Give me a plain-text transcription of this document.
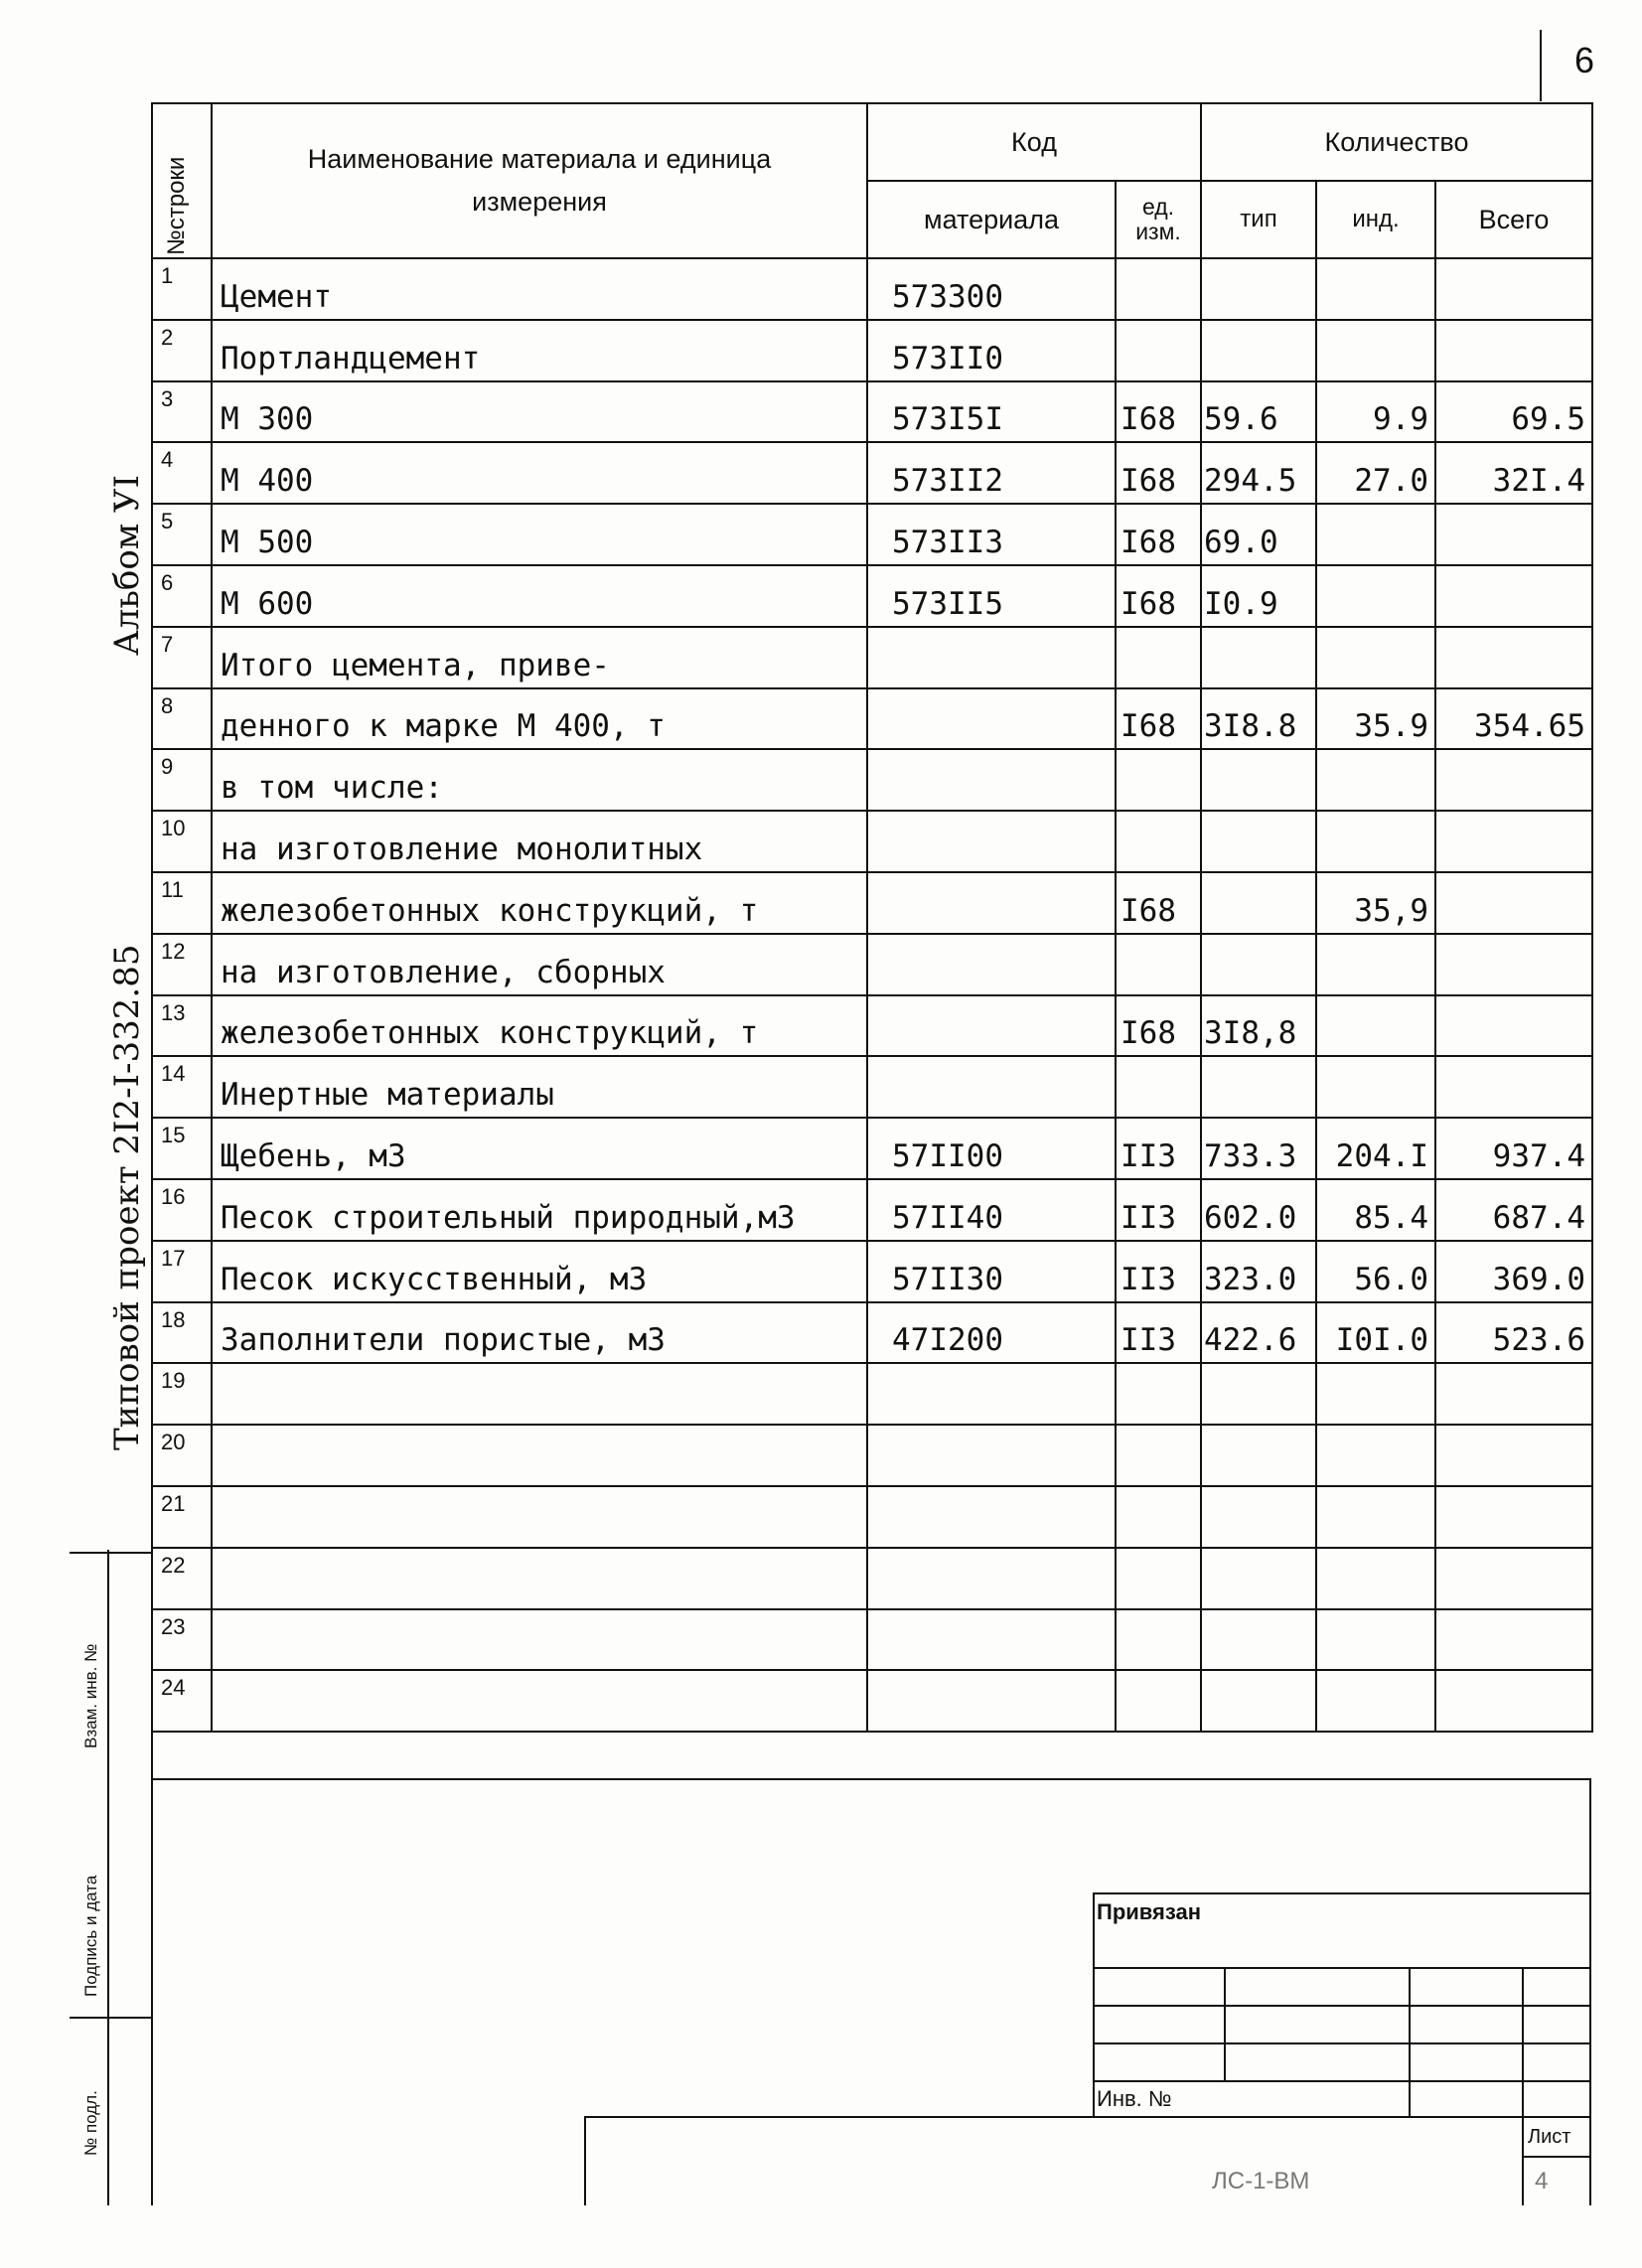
6
Альбом УI
Типовой проект 2I2-I-332.85
Взам. инв. №
Подпись и дата
№ подл.
№строки	Наименование материала и единица измерения	Код		Количество		
		материала	ед. изм.	тип	инд.	Всего
1	Цемент	573300				
2	Портландцемент	573II0				
3	М 300	573I5I	I68	59.6	9.9	69.5
4	М 400	573II2	I68	294.5	27.0	32I.4
5	М 500	573II3	I68	69.0		
6	М 600	573II5	I68	I0.9		
7	Итого цемента, приве-					
8	денного к марке М 400, т		I68	3I8.8	35.9	354.65
9	в том числе:					
10	на изготовление монолитных					
11	железобетонных конструкций, т		I68		35,9	
12	на изготовление, сборных					
13	железобетонных конструкций, т		I68	3I8,8		
14	Инертные материалы					
15	Щебень, м3	57II00	II3	733.3	204.I	937.4
16	Песок строительный природный,м3	57II40	II3	602.0	85.4	687.4
17	Песок искусственный, м3	57II30	II3	323.0	56.0	369.0
18	Заполнители пористые, м3	47I200	II3	422.6	I0I.0	523.6
19						
20						
21						
22						
23						
24						
Привязан
Инв. №
Лист
ЛС-1-ВМ	4
